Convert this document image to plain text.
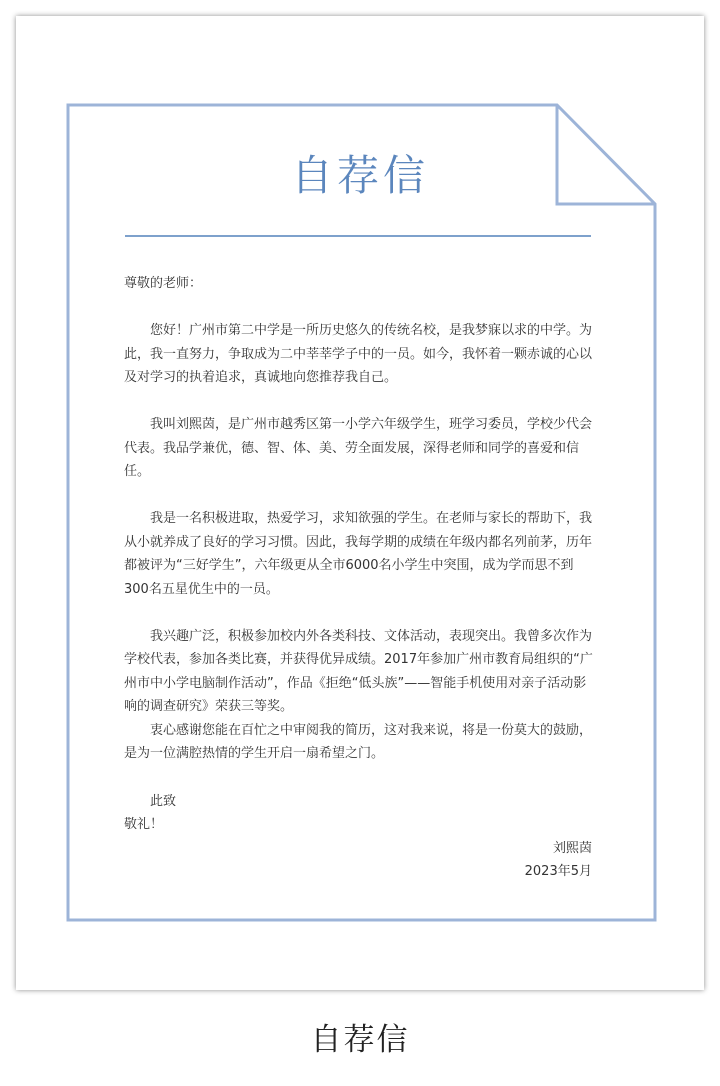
自荐信

尊敬的老师：

您好！广州市第二中学是一所历史悠久的传统名校，是我梦寐以求的中学。为此，我一直努力，争取成为二中莘莘学子中的一员。如今，我怀着一颗赤诚的心以及对学习的执着追求，真诚地向您推荐我自己。

我叫刘熙茵，是广州市越秀区第一小学六年级学生，班学习委员，学校少代会代表。我品学兼优，德、智、体、美、劳全面发展，深得老师和同学的喜爱和信任。

我是一名积极进取，热爱学习，求知欲强的学生。在老师与家长的帮助下，我从小就养成了良好的学习习惯。因此，我每学期的成绩在年级内都名列前茅，历年都被评为“三好学生”，六年级更从全市6000名小学生中突围，成为学而思不到300名五星优生中的一员。

我兴趣广泛，积极参加校内外各类科技、文体活动，表现突出。我曾多次作为学校代表，参加各类比赛，并获得优异成绩。2017年参加广州市教育局组织的“广州市中小学电脑制作活动”，作品《拒绝“低头族”——智能手机使用对亲子活动影响的调查研究》荣获三等奖。

衷心感谢您能在百忙之中审阅我的简历，这对我来说，将是一份莫大的鼓励，是为一位满腔热情的学生开启一扇希望之门。

此致

敬礼！

刘熙茵

2023年5月

自荐信
